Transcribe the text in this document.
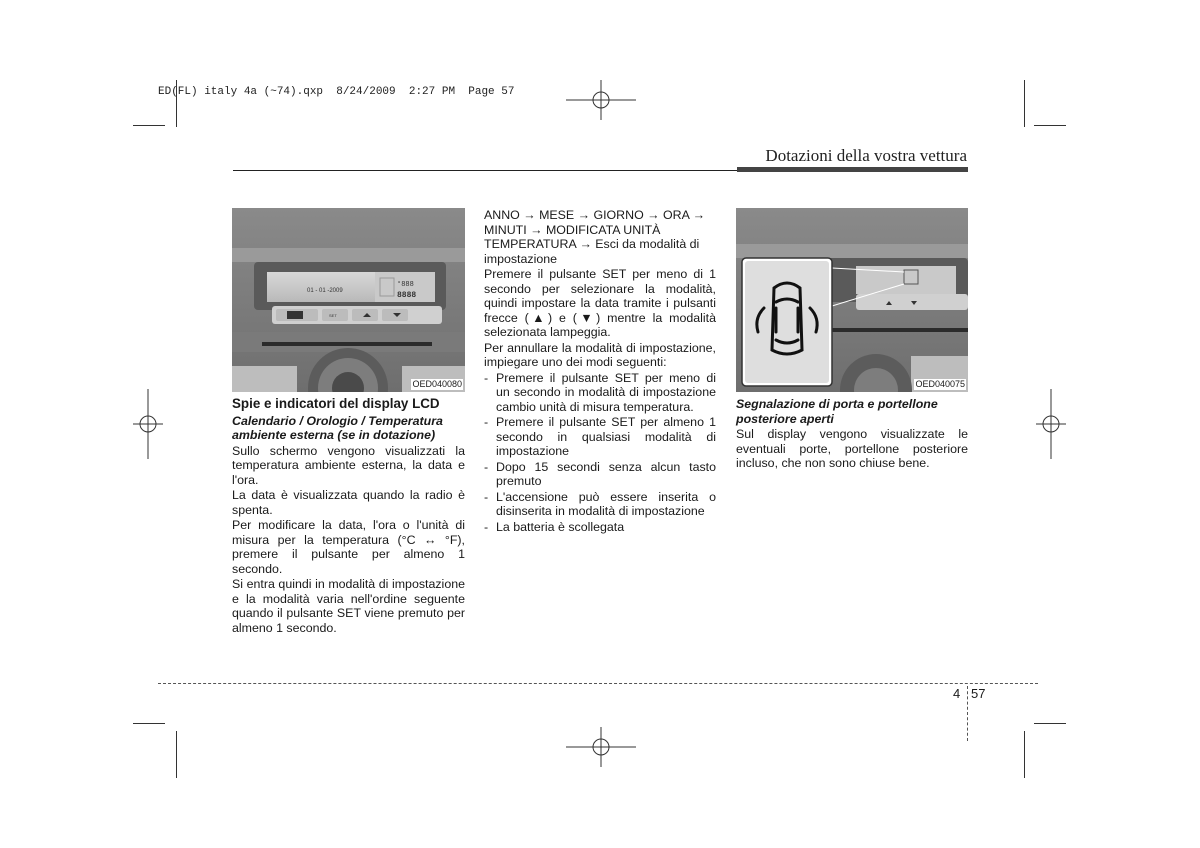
ED(FL) italy 4a (~74).qxp  8/24/2009  2:27 PM  Page 57
Dotazioni della vostra vettura
01 - 01 -2009
°888
8888
SET
OED040080

Spie e indicatori del display LCD

Calendario / Orologio / Temperatura ambiente esterna (se in dotazione)

Sullo schermo vengono visualizzati la temperatura ambiente esterna, la data e l'ora.

La data è visualizzata quando la radio è spenta.

Per modificare la data, l'ora o l'unità di misura per la temperatura (°C ↔ °F), premere il pulsante per almeno 1 secondo.

Si entra quindi in modalità di impostazione e la modalità varia nell'ordine seguente quando il pulsante SET viene premuto per almeno 1 secondo.

ANNO → MESE → GIORNO → ORA → MINUTI → MODIFICATA UNITÀ TEMPERATURA → Esci da modalità di impostazione

Premere il pulsante SET per meno di 1 secondo per selezionare la modalità, quindi impostare la data tramite i pulsanti frecce (▲) e (▼) mentre la modalità selezionata lampeggia.

Per annullare la modalità di impostazione, impiegare uno dei modi seguenti:

- Premere il pulsante SET per meno di un secondo in modalità di impostazione cambio unità di misura temperatura.
- Premere il pulsante SET per almeno 1 secondo in qualsiasi modalità di impostazione
- Dopo 15 secondi senza alcun tasto premuto
- L'accensione può essere inserita o disinserita in modalità di impostazione
- La batteria è scollegata
OED040075

Segnalazione di porta e portellone posteriore aperti

Sul display vengono visualizzate le eventuali porte, portellone posteriore incluso, che non sono chiuse bene.

4 57
